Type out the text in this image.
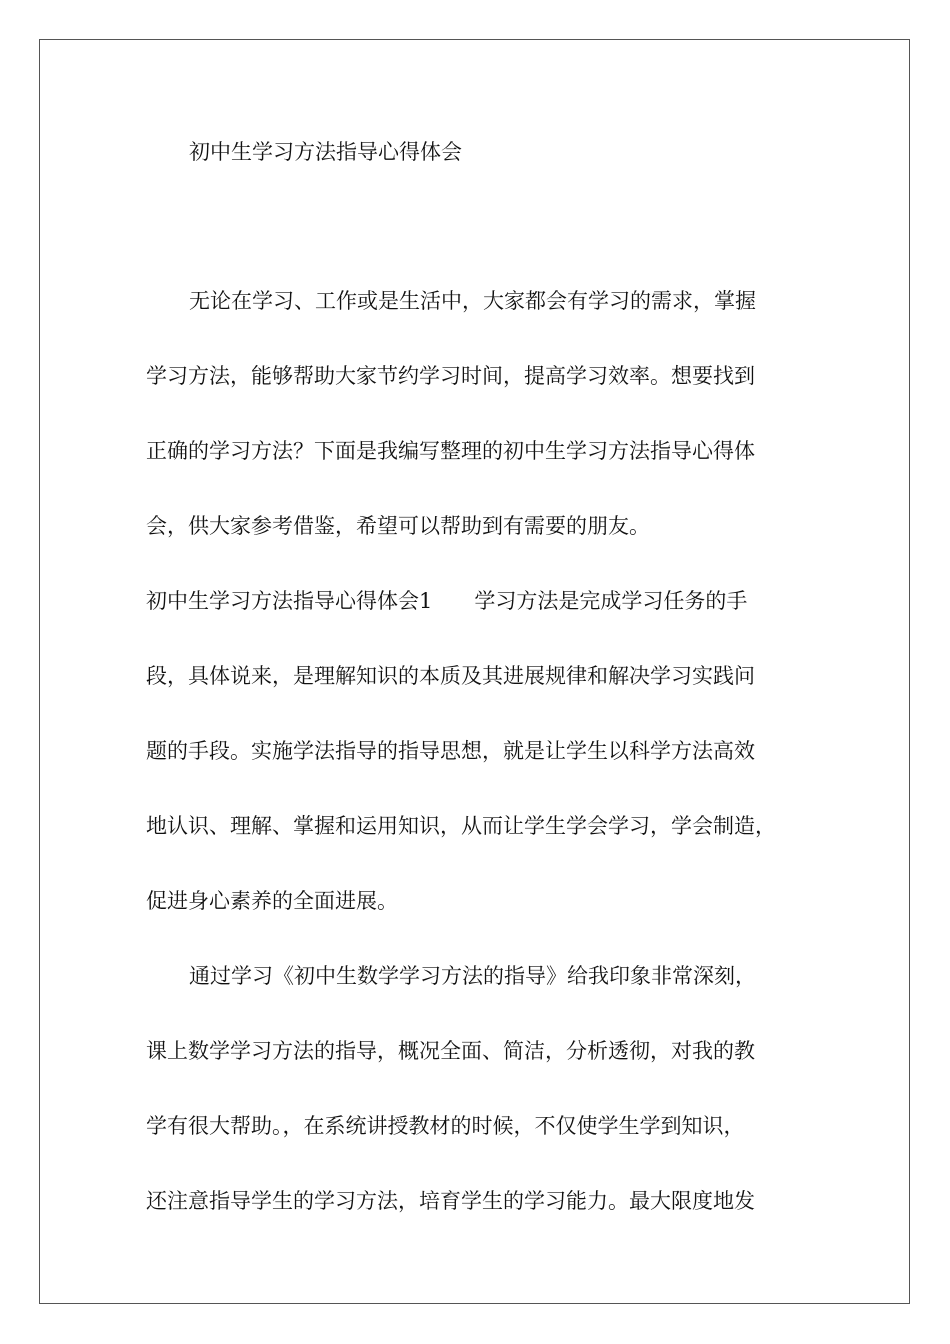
初中生学习方法指导心得体会
无论在学习、工作或是生活中，大家都会有学习的需求，掌握
学习方法，能够帮助大家节约学习时间，提高学习效率。想要找到
正确的学习方法？下面是我编写整理的初中生学习方法指导心得体
会，供大家参考借鉴，希望可以帮助到有需要的朋友。
初中生学习方法指导心得体会1　　学习方法是完成学习任务的手
段，具体说来，是理解知识的本质及其进展规律和解决学习实践问
题的手段。实施学法指导的指导思想，就是让学生以科学方法高效
地认识、理解、掌握和运用知识，从而让学生学会学习，学会制造，
促进身心素养的全面进展。
通过学习《初中生数学学习方法的指导》给我印象非常深刻，
课上数学学习方法的指导，概况全面、简洁，分析透彻，对我的教
学有很大帮助。，在系统讲授教材的时候，不仅使学生学到知识，
还注意指导学生的学习方法，培育学生的学习能力。最大限度地发
